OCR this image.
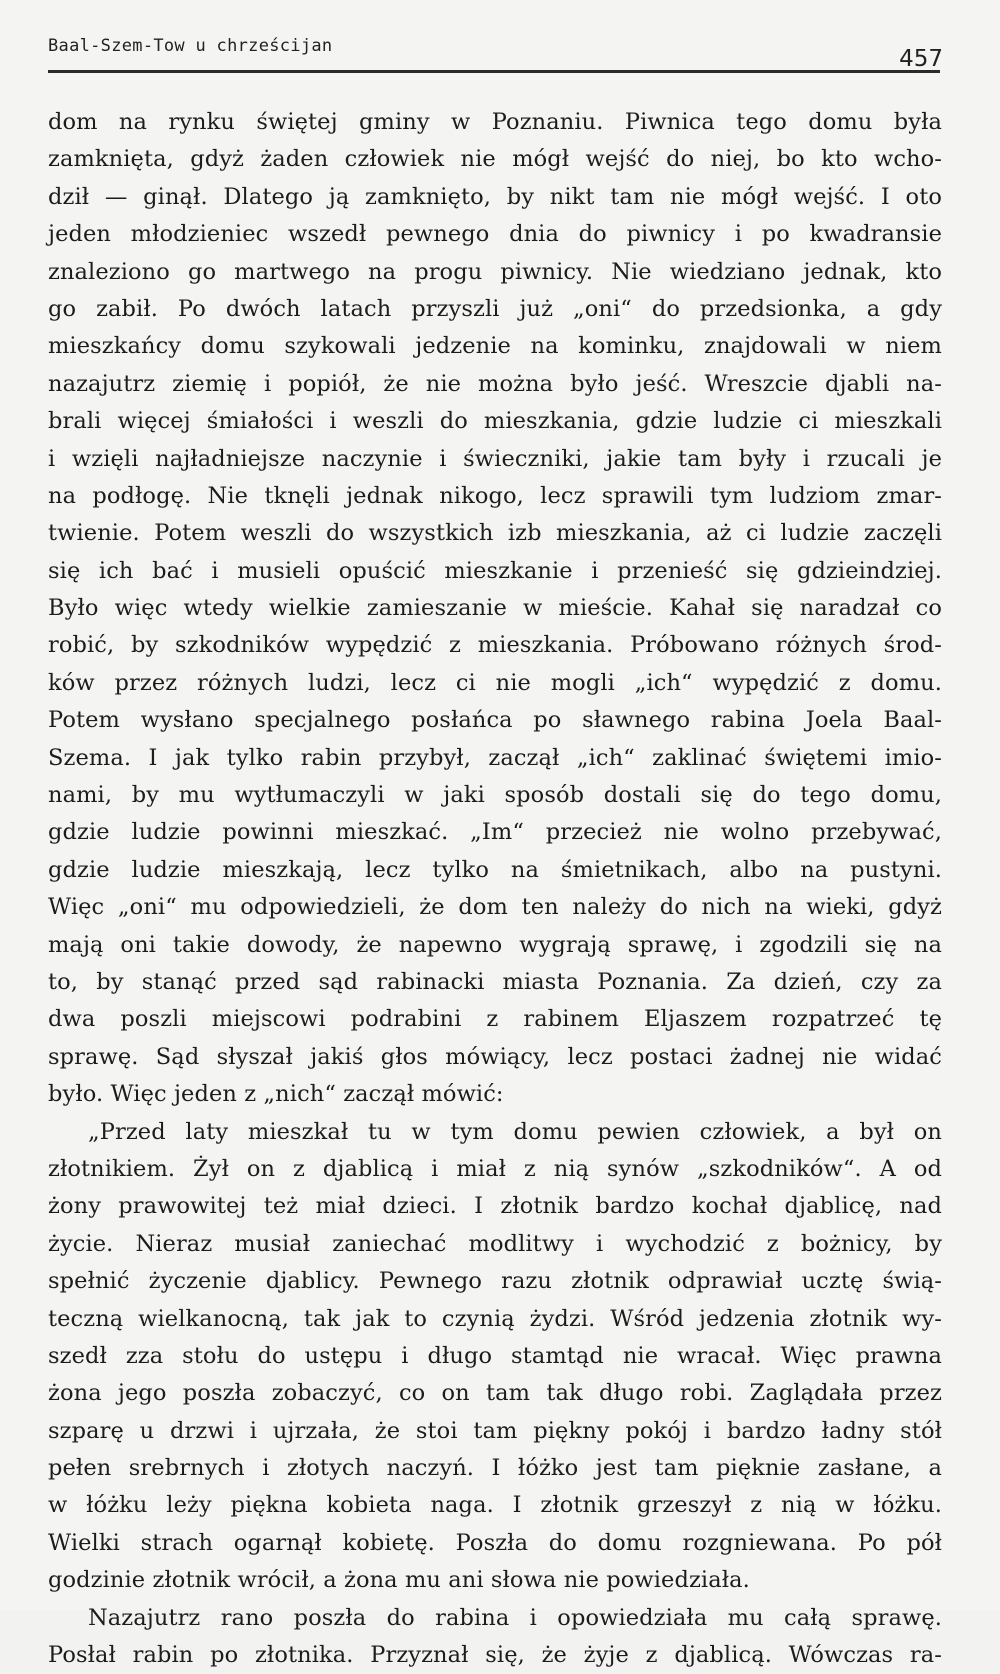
Baal-Szem-Tow u chrześcijan	457
dom na rynku świętej gminy w Poznaniu. Piwnica tego domu była
zamknięta, gdyż żaden człowiek nie mógł wejść do niej, bo kto wcho-
dził — ginął. Dlatego ją zamknięto, by nikt tam nie mógł wejść. I oto
jeden młodzieniec wszedł pewnego dnia do piwnicy i po kwadransie
znaleziono go martwego na progu piwnicy. Nie wiedziano jednak, kto
go zabił. Po dwóch latach przyszli już „oni“ do przedsionka, a gdy
mieszkańcy domu szykowali jedzenie na kominku, znajdowali w niem
nazajutrz ziemię i popiół, że nie można było jeść. Wreszcie djabli na-
brali więcej śmiałości i weszli do mieszkania, gdzie ludzie ci mieszkali
i wzięli najładniejsze naczynie i świeczniki, jakie tam były i rzucali je
na podłogę. Nie tknęli jednak nikogo, lecz sprawili tym ludziom zmar-
twienie. Potem weszli do wszystkich izb mieszkania, aż ci ludzie zaczęli
się ich bać i musieli opuścić mieszkanie i przenieść się gdzieindziej.
Było więc wtedy wielkie zamieszanie w mieście. Kahał się naradzał co
robić, by szkodników wypędzić z mieszkania. Próbowano różnych środ-
ków przez różnych ludzi, lecz ci nie mogli „ich“ wypędzić z domu.
Potem wysłano specjalnego posłańca po sławnego rabina Joela Baal-
Szema. I jak tylko rabin przybył, zaczął „ich“ zaklinać świętemi imio-
nami, by mu wytłumaczyli w jaki sposób dostali się do tego domu,
gdzie ludzie powinni mieszkać. „Im“ przecież nie wolno przebywać,
gdzie ludzie mieszkają, lecz tylko na śmietnikach, albo na pustyni.
Więc „oni“ mu odpowiedzieli, że dom ten należy do nich na wieki, gdyż
mają oni takie dowody, że napewno wygrają sprawę, i zgodzili się na
to, by stanąć przed sąd rabinacki miasta Poznania. Za dzień, czy za
dwa poszli miejscowi podrabini z rabinem Eljaszem rozpatrzeć tę
sprawę. Sąd słyszał jakiś głos mówiący, lecz postaci żadnej nie widać
było. Więc jeden z „nich“ zaczął mówić:
„Przed laty mieszkał tu w tym domu pewien człowiek, a był on
złotnikiem. Żył on z djablicą i miał z nią synów „szkodników“. A od
żony prawowitej też miał dzieci. I złotnik bardzo kochał djablicę, nad
życie. Nieraz musiał zaniechać modlitwy i wychodzić z bożnicy, by
spełnić życzenie djablicy. Pewnego razu złotnik odprawiał ucztę świą-
teczną wielkanocną, tak jak to czynią żydzi. Wśród jedzenia złotnik wy-
szedł zza stołu do ustępu i długo stamtąd nie wracał. Więc prawna
żona jego poszła zobaczyć, co on tam tak długo robi. Zaglądała przez
szparę u drzwi i ujrzała, że stoi tam piękny pokój i bardzo ładny stół
pełen srebrnych i złotych naczyń. I łóżko jest tam pięknie zasłane, a
w łóżku leży piękna kobieta naga. I złotnik grzeszył z nią w łóżku.
Wielki strach ogarnął kobietę. Poszła do domu rozgniewana. Po pół
godzinie złotnik wrócił, a żona mu ani słowa nie powiedziała.
Nazajutrz rano poszła do rabina i opowiedziała mu całą sprawę.
Posłał rabin po złotnika. Przyznał się, że żyje z djablicą. Wówczas ra-
